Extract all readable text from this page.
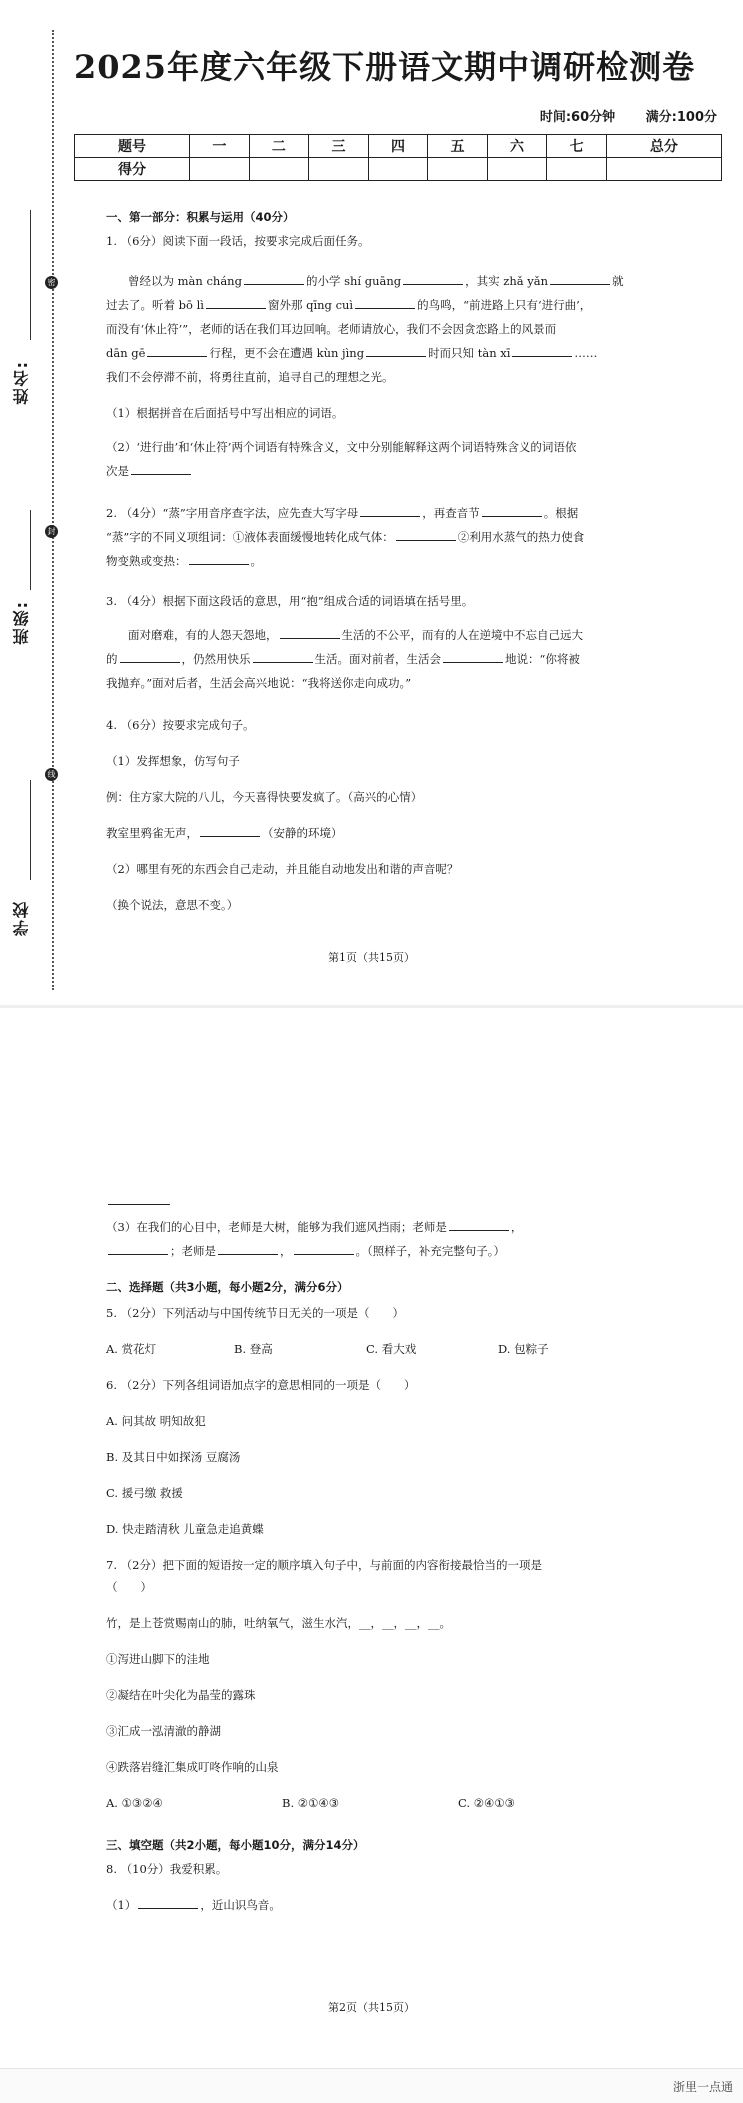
姓名:
班级:
学校
密
封
线
2025年度六年级下册语文期中调研检测卷
时间:60分钟 满分:100分
题号	一	二	三	四	五	六	七	总分
得分								
一、第一部分：积累与运用（40分）
1. （6分）阅读下面一段话，按要求完成后面任务。
曾经以为 màn cháng	的小学 shí guāng	，其实 zhǎ yǎn	就
过去了。听着 bō lì	窗外那 qīng cuì	的鸟鸣，“前进路上只有‘进行曲’，
而没有‘休止符’”，老师的话在我们耳边回响。老师请放心，我们不会因贪恋路上的风景而
dān gē	行程，更不会在遭遇 kùn jìng	时而只知 tàn xī	……
我们不会停滞不前，将勇往直前，追寻自己的理想之光。
（1）根据拼音在后面括号中写出相应的词语。
（2）‘进行曲’和‘休止符’两个词语有特殊含义，文中分别能解释这两个词语特殊含义的词语依
次是
2. （4分）“蒸”字用音序查字法，应先查大写字母	，再查音节	。根据
“蒸”字的不同义项组词：①液体表面缓慢地转化成气体：	②利用水蒸气的热力使食
物变熟或变热：	。
3. （4分）根据下面这段话的意思，用“抱”组成合适的词语填在括号里。
面对磨难，有的人怨天怨地，	生活的不公平，而有的人在逆境中不忘自己远大
的	，仍然用快乐	生活。面对前者，生活会	地说：“你将被
我抛弃。”面对后者，生活会高兴地说：“我将送你走向成功。”
4. （6分）按要求完成句子。
（1）发挥想象，仿写句子
例：住方家大院的八儿，今天喜得快要发疯了。（高兴的心情）
教室里鸦雀无声，	（安静的环境）
（2）哪里有死的东西会自己走动，并且能自动地发出和谐的声音呢？
（换个说法，意思不变。）
第1页（共15页）
（3）在我们的心目中，老师是大树，能够为我们遮风挡雨；老师是	，
；老师是	，	。（照样子，补充完整句子。）
二、选择题（共3小题，每小题2分，满分6分）
5. （2分）下列活动与中国传统节日无关的一项是（　　）
A. 赏花灯	B. 登高	C. 看大戏	D. 包粽子
6. （2分）下列各组词语加点字的意思相同的一项是（　　）
A. 问其故 明知故犯
B. 及其日中如探汤 豆腐汤
C. 援弓缴 救援
D. 快走踏清秋 儿童急走追黄蝶
7. （2分）把下面的短语按一定的顺序填入句子中，与前面的内容衔接最恰当的一项是
（　　）
竹，是上苍赏赐南山的肺，吐纳氧气，滋生水汽，__，__，__，__。
①泻进山脚下的洼地
②凝结在叶尖化为晶莹的露珠
③汇成一泓清澈的静湖
④跌落岩缝汇集成叮咚作响的山泉
A. ①③②④	B. ②①④③	C. ②④①③
三、填空题（共2小题，每小题10分，满分14分）
8. （10分）我爱积累。
（1）	，近山识鸟音。
第2页（共15页）
浙里一点通
